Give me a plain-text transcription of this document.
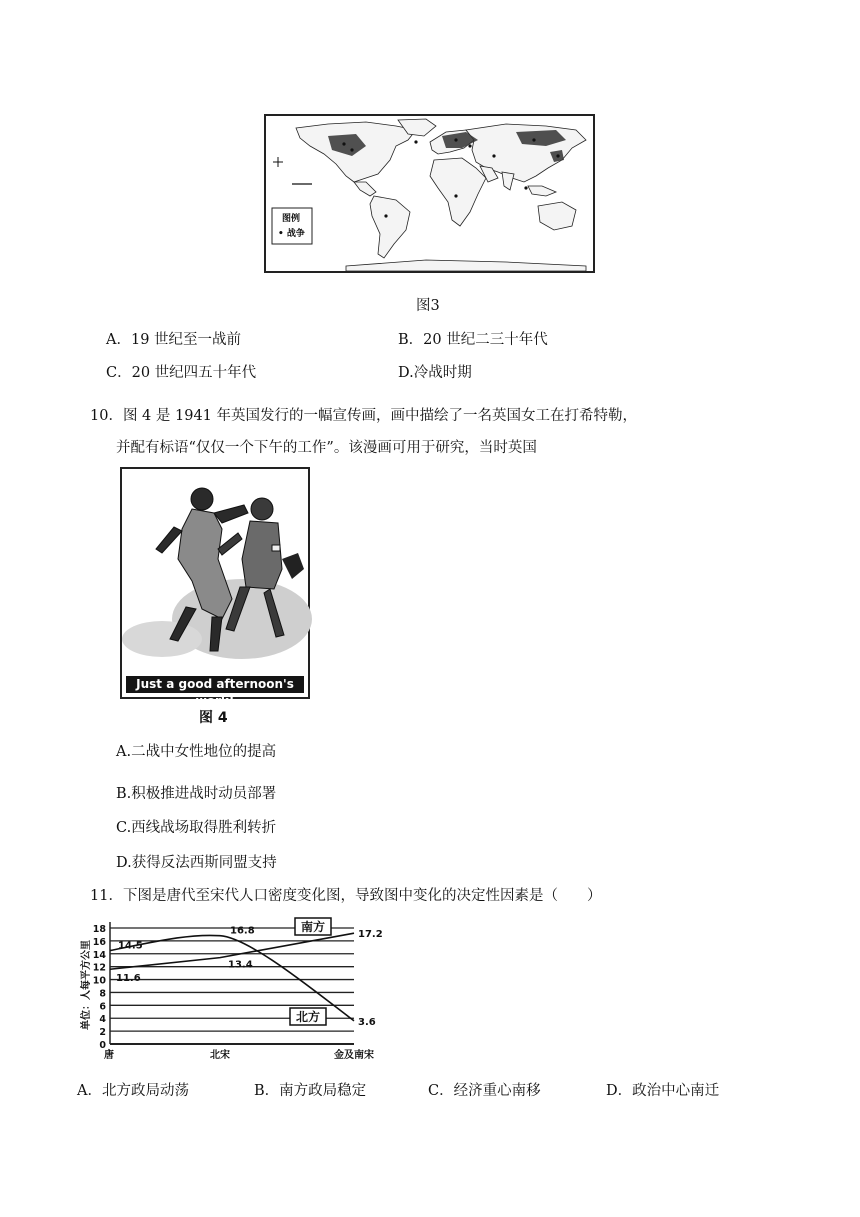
图例
• 战争
图3
A．19 世纪至一战前	B．20 世纪二三十年代
C．20 世纪四五十年代	D.冷战时期
10．图 4 是 1941 年英国发行的一幅宣传画，画中描绘了一名英国女工在打希特勒，
并配有标语“仅仅一个下午的工作”。该漫画可用于研究，当时英国
Just a good afternoon's work!
图 4
A.二战中女性地位的提高
B.积极推进战时动员部署
C.西线战场取得胜利转折
D.获得反法西斯同盟支持
11．下图是唐代至宋代人口密度变化图，导致图中变化的决定性因素是（　　）
0
2
4
6
8
10
12
14
16
18
单位：人每平方公里
唐	北宋	金及南宋
11.6
13.4
17.2
14.5
16.8
3.6
南方
北方
A．北方政局动荡	B．南方政局稳定	C．经济重心南移	D．政治中心南迁
